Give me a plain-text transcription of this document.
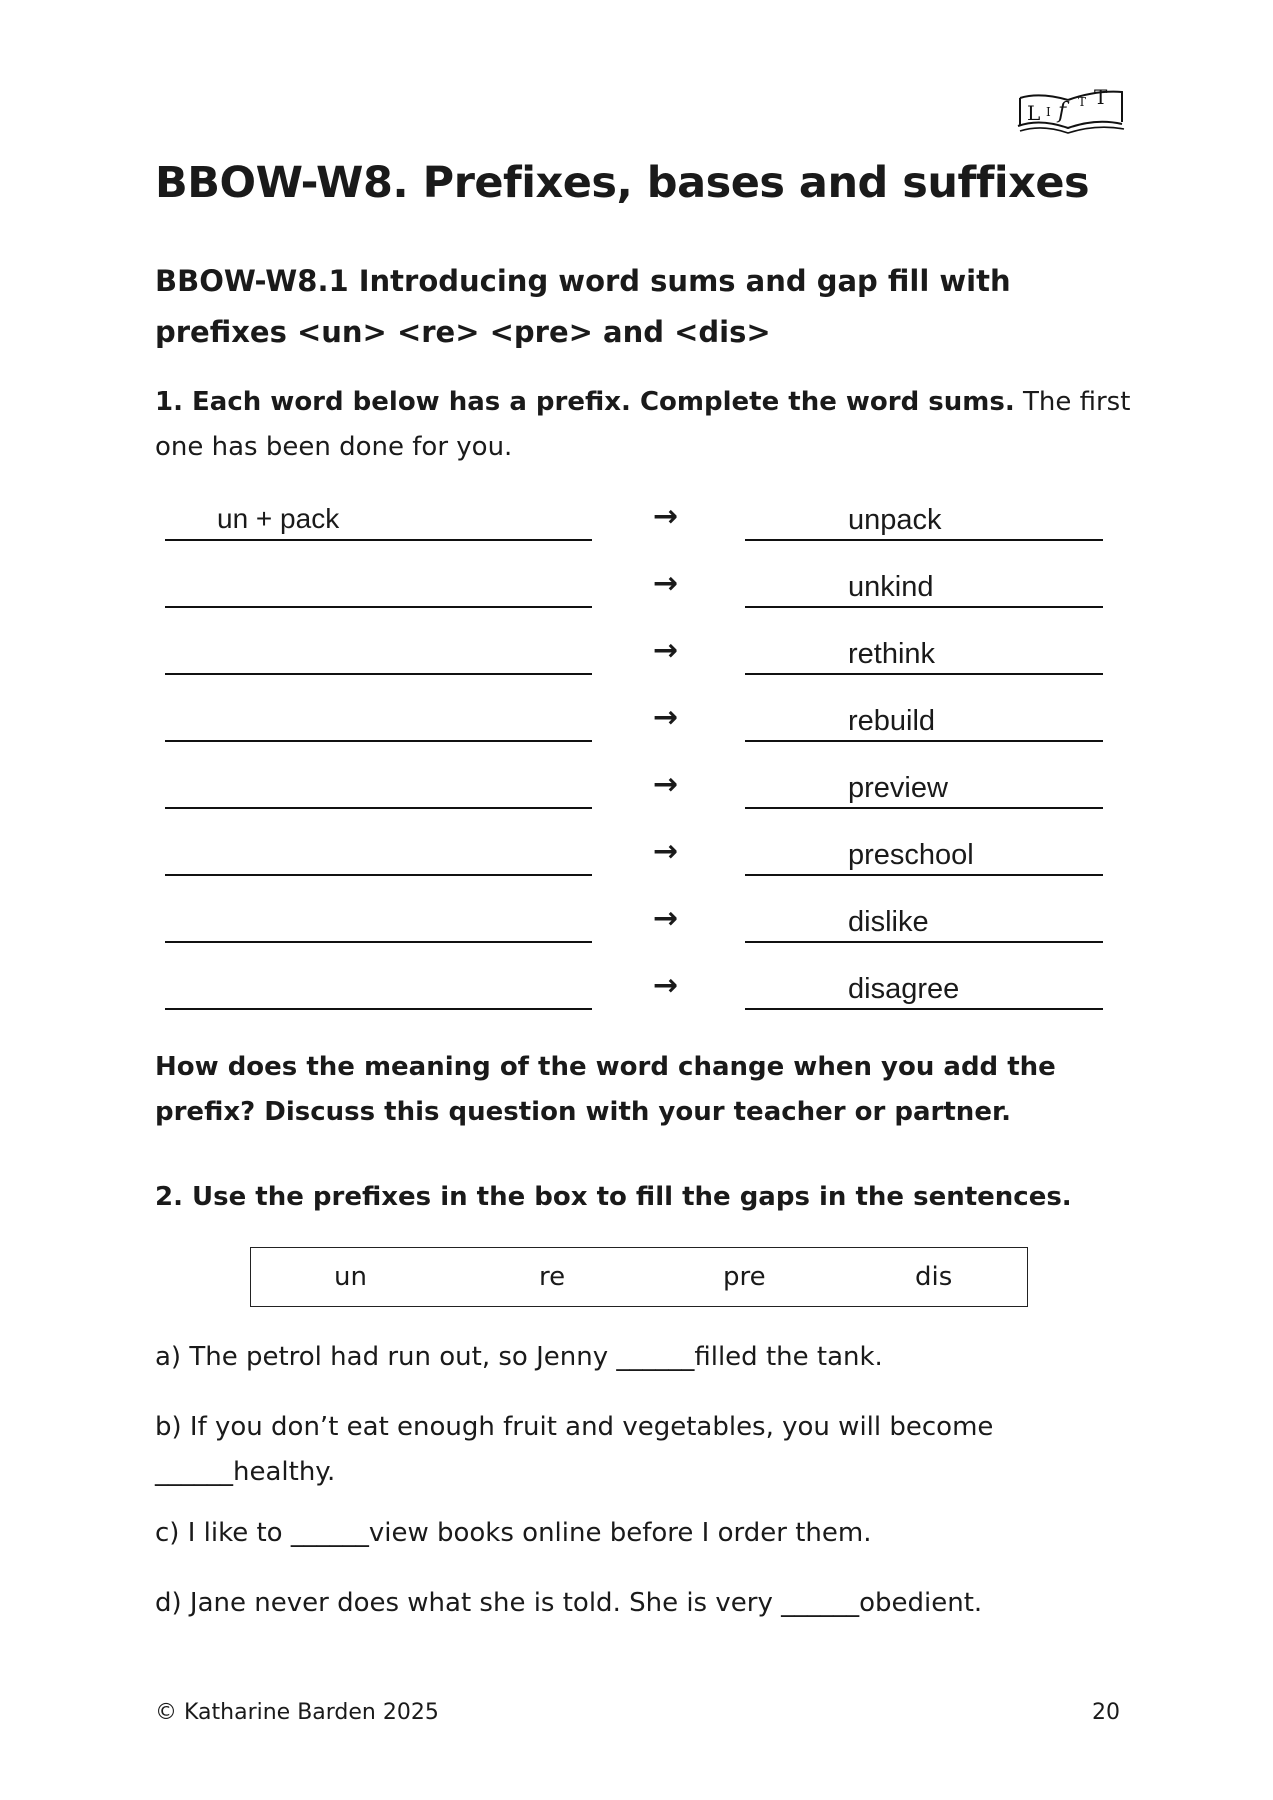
L I f T T
BBOW-W8. Prefixes, bases and suffixes
BBOW-W8.1 Introducing word sums and gap fill with prefixes <un> <re> <pre> and <dis>

1. Each word below has a prefix. Complete the word sums. The first one has been done for you.

un + pack	→	unpack
→	unkind
→	rethink
→	rebuild
→	preview
→	preschool
→	dislike
→	disagree

How does the meaning of the word change when you add the prefix? Discuss this question with your teacher or partner.

2. Use the prefixes in the box to fill the gaps in the sentences.

un	re	pre	dis

a) The petrol had run out, so Jenny ______filled the tank.

b) If you don’t eat enough fruit and vegetables, you will become ______healthy.

c) I like to ______view books online before I order them.

d) Jane never does what she is told. She is very ______obedient.

© Katharine Barden 2025	20
